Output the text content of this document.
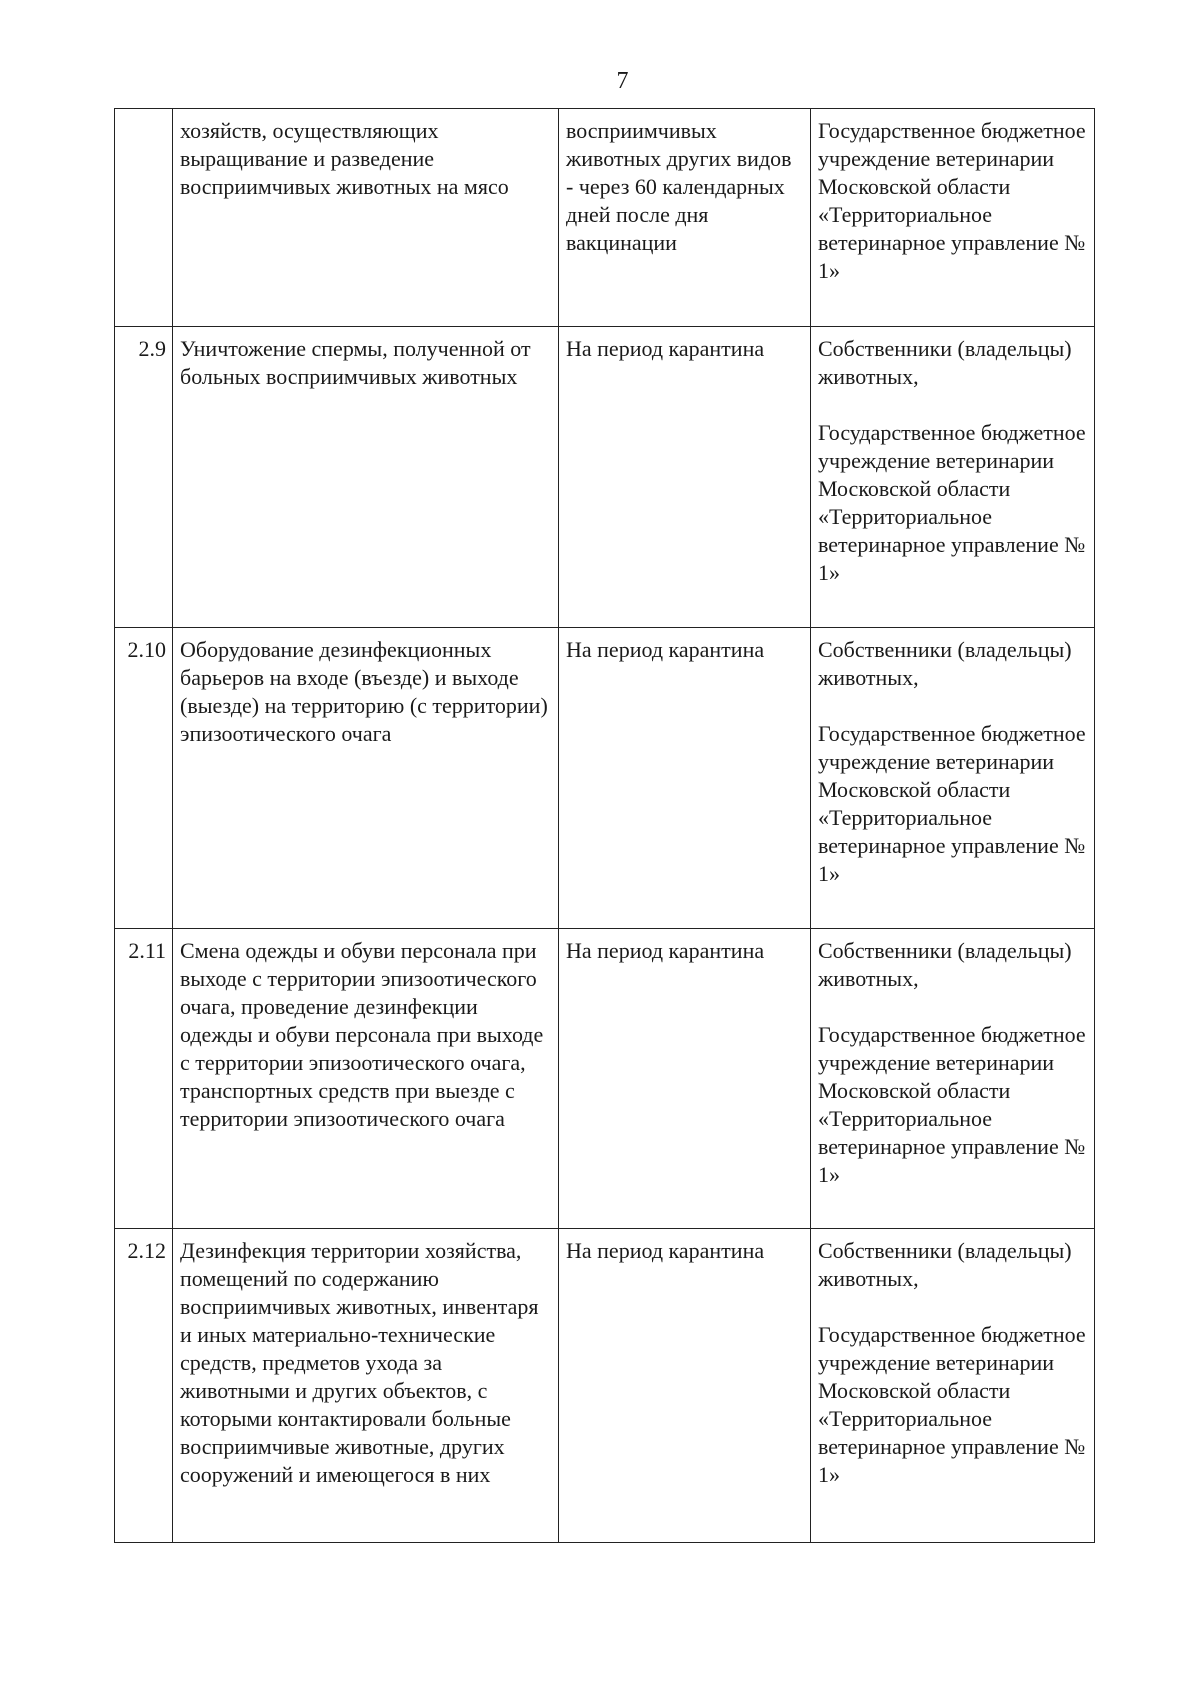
7
	хозяйств, осуществляющих выращивание и разведение восприимчивых животных на мясо	восприимчивых животных других видов - через 60 календарных дней после дня вакцинации	Государственное бюджетное учреждение ветеринарии Московской области «Территориальное ветеринарное управление № 1»

2.9	Уничтожение спермы, полученной от больных восприимчивых животных	На период карантина	Собственники (владельцы) животных,
Государственное бюджетное учреждение ветеринарии Московской области «Территориальное ветеринарное управление № 1»

2.10	Оборудование дезинфекционных барьеров на входе (въезде) и выходе (выезде) на территорию (с территории) эпизоотического очага	На период карантина	Собственники (владельцы) животных,
Государственное бюджетное учреждение ветеринарии Московской области «Территориальное ветеринарное управление № 1»

2.11	Смена одежды и обуви персонала при выходе с территории эпизоотического очага, проведение дезинфекции одежды и обуви персонала при выходе с территории эпизоотического очага, транспортных средств при выезде с территории эпизоотического очага	На период карантина	Собственники (владельцы) животных,
Государственное бюджетное учреждение ветеринарии Московской области «Территориальное ветеринарное управление № 1»

2.12	Дезинфекция территории хозяйства, помещений по содержанию восприимчивых животных, инвентаря и иных материально-технические средств, предметов ухода за животными и других объектов, с которыми контактировали больные восприимчивые животные, других сооружений и имеющегося в них	На период карантина	Собственники (владельцы) животных,
Государственное бюджетное учреждение ветеринарии Московской области «Территориальное ветеринарное управление № 1»
